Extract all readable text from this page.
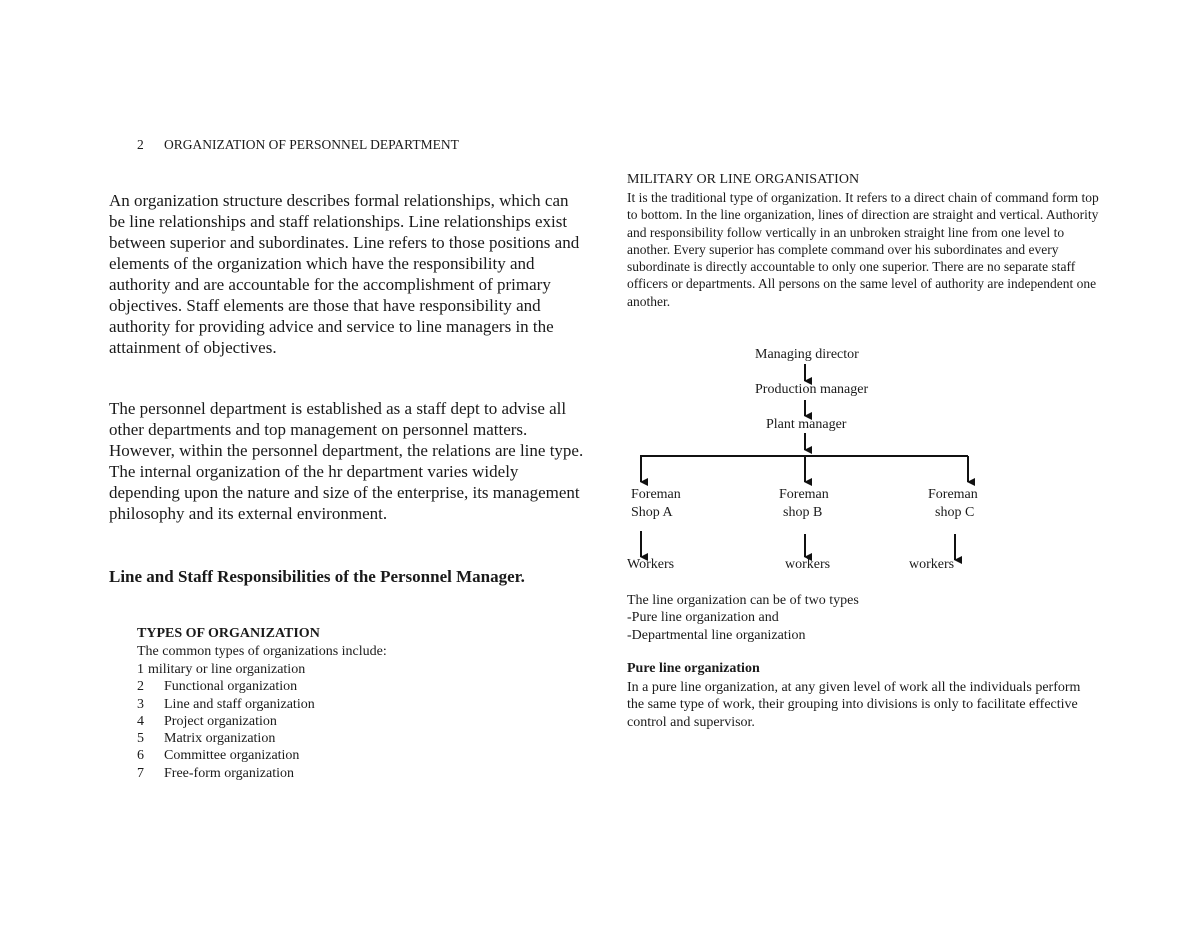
2 ORGANIZATION OF PERSONNEL DEPARTMENT

An organization structure describes formal relationships, which can be line relationships and staff relationships. Line relationships exist between superior and subordinates. Line refers to those positions and elements of the organization which have the responsibility and authority and are accountable for the accomplishment of primary objectives. Staff elements are those that have responsibility and authority for providing advice and service to line managers in the attainment of objectives.

The personnel department is established as a staff dept to advise all other departments and top management on personnel matters. However, within the personnel department, the relations are line type. The internal organization of the hr department varies widely depending upon the nature and size of the enterprise, its management philosophy and its external environment.

Line and Staff Responsibilities of the Personnel Manager.

TYPES OF ORGANIZATION

The common types of organizations include:

1 military or line organization
2 Functional organization
3 Line and staff organization
4 Project organization
5 Matrix organization
6 Committee organization
7 Free-form organization

MILITARY OR LINE ORGANISATION

It is the traditional type of organization. It refers to a direct chain of command form top to bottom. In the line organization, lines of direction are straight and vertical. Authority and responsibility follow vertically in an unbroken straight line from one level to another. Every superior has complete command over his subordinates and every subordinate is directly accountable to only one superior. There are no separate staff officers or departments. All persons on the same level of authority are independent one another.

Managing director
Production manager
Plant manager
Foreman
Shop A
Foreman
shop B
Foreman
shop C
Workers	workers	workers
The line organization can be of two types
-Pure line organization and
-Departmental line organization

Pure line organization

In a pure line organization, at any given level of work all the individuals perform the same type of work, their grouping into divisions is only to facilitate effective control and supervisor.
